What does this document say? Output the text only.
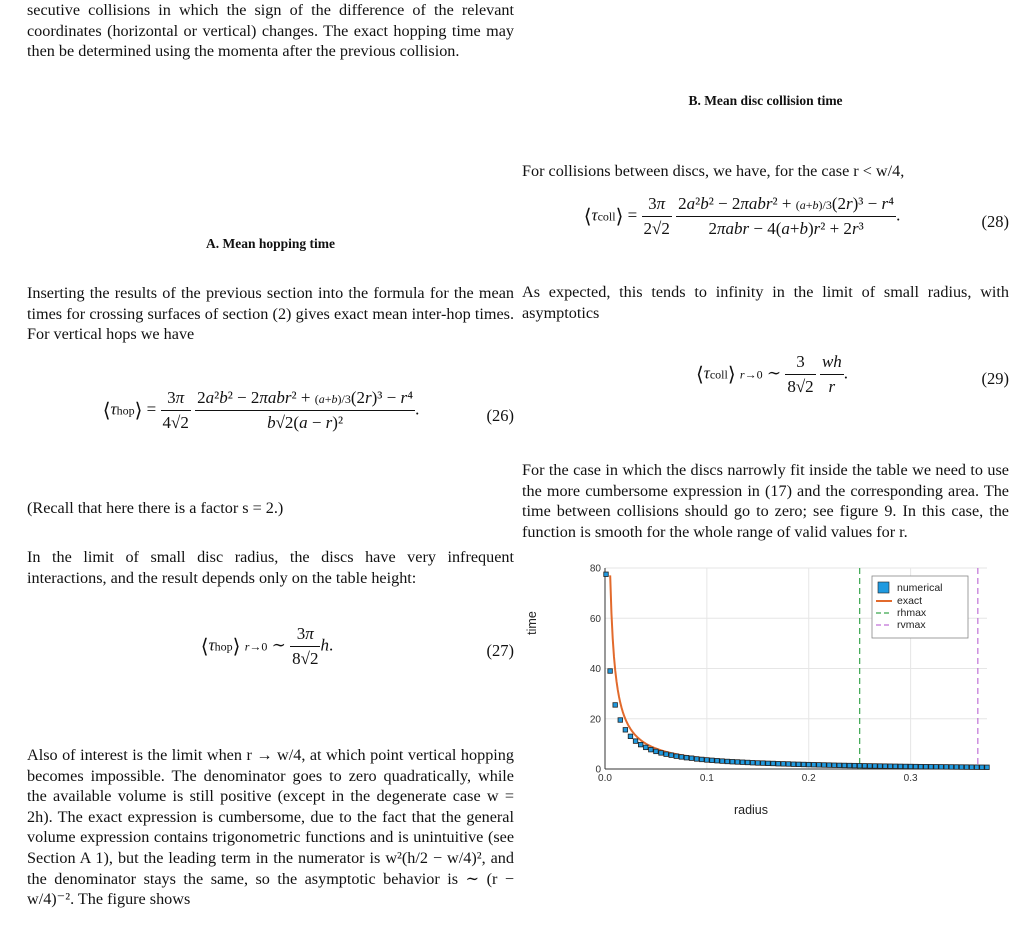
secutive collisions in which the sign of the difference of the relevant coordinates (horizontal or vertical) changes. The exact hopping time may then be determined using the momenta after the previous collision.

A. Mean hopping time

Inserting the results of the previous section into the formula for the mean times for crossing surfaces of section (2) gives exact mean inter-hop times. For vertical hops we have

⟨τhop⟩ = $\frac{3\pi}{4√2}$
$\frac{\text{2a²b² − 2πabr² + (a+b)/3(2r)³ − r⁴}}{\text{b√2(a − r)²}}$ .	(26)

(Recall that here there is a factor s = 2.)

In the limit of small disc radius, the discs have very infrequent interactions, and the result depends only on the table height:

⟨τhop⟩ r→0 ∼ $\frac{3\pi}{8√2} h$.	(27)

Also of interest is the limit when r → w/4, at which point vertical hopping becomes impossible. The denominator goes to zero quadratically, while the available volume is still positive (except in the degenerate case w = 2h). The exact expression is cumbersome, due to the fact that the general volume expression contains trigonometric functions and is unintuitive (see Section A 1), but the leading term in the numerator is w²(h/2 − w/4)², and the denominator stays the same, so the asymptotic behavior is ∼ (r − w/4)⁻². The figure shows

B. Mean disc collision time

For collisions between discs, we have, for the case r < w/4,

⟨τcoll⟩ = $\frac{3\pi}{2√2}$
$\frac{\text{2a²b² − 2πabr² + (a+b)/3(2r)³ − r⁴}}{\text{2πabr − 4(a+b)r² + 2r³}}$ .	(28)

As expected, this tends to infinity in the limit of small radius, with asymptotics

⟨τcoll⟩ r→0 ∼ $\frac{3}{8√2}$
$\frac{wh}{r}$ .	(29)

For the case in which the discs narrowly fit inside the table we need to use the more cumbersome expression in (17) and the corresponding area. The time between collisions should go to zero; see figure 9. In this case, the function is smooth for the whole range of valid values for r.

0.0	0.1	0.2	0.3
0
20
40
60
80
radius
time
numerical
exact
rhmax
rvmax
